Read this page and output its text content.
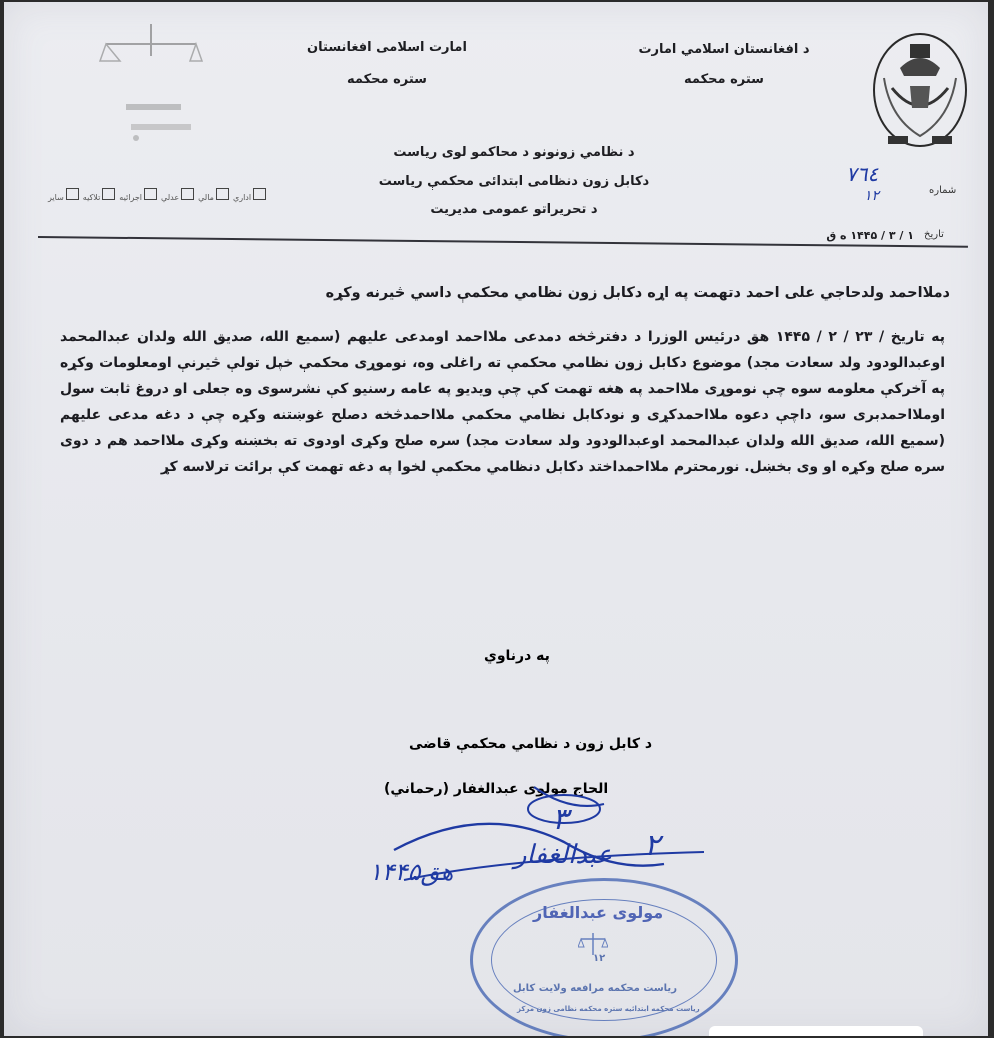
د افغانستان اسلامي امارت
ستره محکمه
امارت اسلامی افغانستان
ستره محکمه
د نظامي زونونو د محاکمو لوی ریاست
دکابل زون دنظامی ابتدائی محکمې ریاست
د تحریراتو عمومی مدیریت
شماره
۷٦٤
۱۲
تاریخ
۱ / ۳ / ۱۴۴۵ ه ق
اداري
مالي
عدلي
اجرائیه
تلاکیه
سایر
دملااحمد ولدحاجي علی احمد دتهمت په اړه دکابل زون نظامي محکمې داسي څیرنه وکړه
په تاریخ / ۲۳ / ۲ / ۱۴۴۵ هق درئیس الوزرا د دفترڅخه دمدعی ملااحمد اومدعی علیهم (سمیع الله، صدیق الله ولدان عبدالمحمد اوعبدالودود ولد سعادت مجد) موضوع دکابل زون نظامي محکمې ته راغلی وه، نوموړی محکمې خپل تولې څیرنې اومعلومات وکړه په آخرکې معلومه سوه چې نوموړی ملااحمد په هغه تهمت کې چې ویدیو په عامه رسنیو کې نشرسوی وه جعلی او دروغ ثابت سول اوملااحمدبری سو، داچې دعوه ملااحمدکړی و نودکابل نظامي محکمې ملااحمدڅخه دصلح غوښتنه وکړه چې د دغه مدعی علیهم (سمیع الله، صدیق الله ولدان عبدالمحمد اوعبدالودود ولد سعادت مجد) سره صلح وکړی اودوی ته بخښنه وکړی ملااحمد هم د دوی سره صلح وکړه او وی بخښل. نورمحترم ملااحمداختد دکابل دنظامي محکمې لخوا په دغه تهمت کې برائت ترلاسه کړ
په درناوي
د کابل زون د نظامي محکمې قاضی
الحاج مولوی عبدالغفار (رحماني)
۳
۲
عبدالغفار
۱۴۴۵هق
مولوی عبدالغفار
۱۲
ریاست محکمه مرافعه ولایت کابل
ریاست محکمه ابتدائیه ستره محکمه نظامی زون مرکز
